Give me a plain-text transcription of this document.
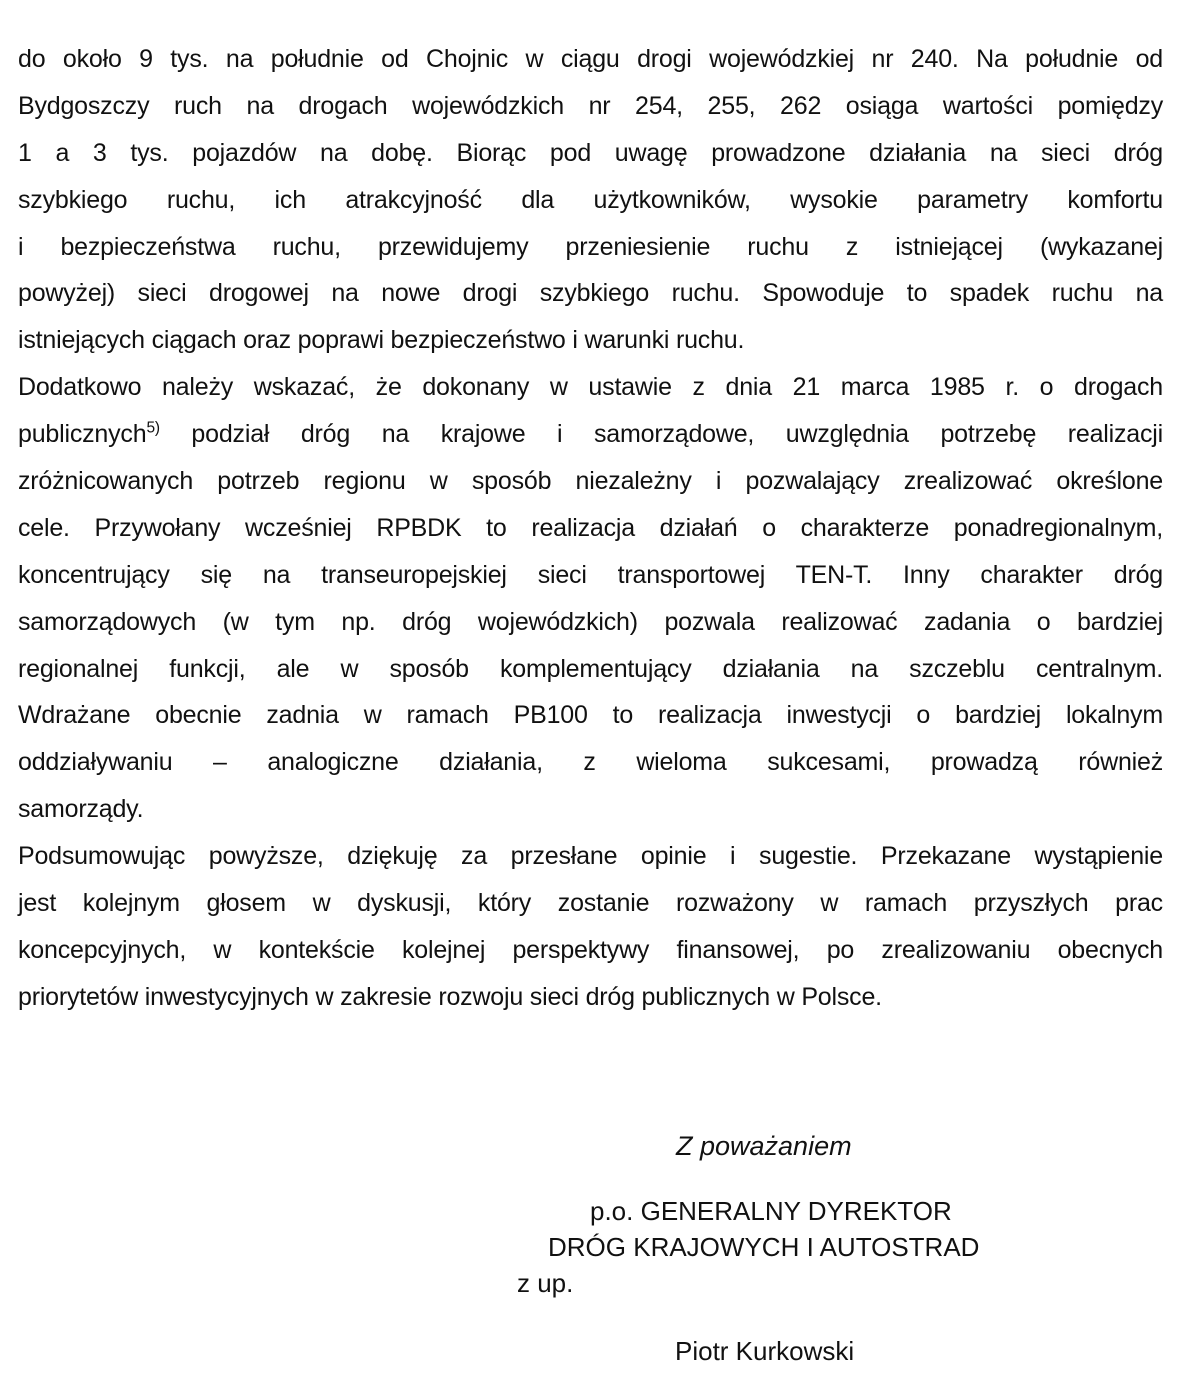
do około 9 tys. na południe od Chojnic w ciągu drogi wojewódzkiej nr 240. Na południe od
Bydgoszczy ruch na drogach wojewódzkich nr 254, 255, 262 osiąga wartości pomiędzy
1 a 3 tys. pojazdów na dobę. Biorąc pod uwagę prowadzone działania na sieci dróg
szybkiego ruchu, ich atrakcyjność dla użytkowników, wysokie parametry komfortu
i bezpieczeństwa ruchu, przewidujemy przeniesienie ruchu z istniejącej (wykazanej
powyżej) sieci drogowej na nowe drogi szybkiego ruchu. Spowoduje to spadek ruchu na
istniejących ciągach oraz poprawi bezpieczeństwo i warunki ruchu.
Dodatkowo należy wskazać, że dokonany w ustawie z dnia 21 marca 1985 r. o drogach
publicznych$^{5)}$ podział dróg na krajowe i samorządowe, uwzględnia potrzebę realizacji
zróżnicowanych potrzeb regionu w sposób niezależny i pozwalający zrealizować określone
cele. Przywołany wcześniej RPBDK to realizacja działań o charakterze ponadregionalnym,
koncentrujący się na transeuropejskiej sieci transportowej TEN-T. Inny charakter dróg
samorządowych (w tym np. dróg wojewódzkich) pozwala realizować zadania o bardziej
regionalnej funkcji, ale w sposób komplementujący działania na szczeblu centralnym.
Wdrażane obecnie zadnia w ramach PB100 to realizacja inwestycji o bardziej lokalnym
oddziaływaniu – analogiczne działania, z wieloma sukcesami, prowadzą również
samorządy.
Podsumowując powyższe, dziękuję za przesłane opinie i sugestie. Przekazane wystąpienie
jest kolejnym głosem w dyskusji, który zostanie rozważony w ramach przyszłych prac
koncepcyjnych, w kontekście kolejnej perspektywy finansowej, po zrealizowaniu obecnych
priorytetów inwestycyjnych w zakresie rozwoju sieci dróg publicznych w Polsce.
Z poważaniem
p.o. GENERALNY DYREKTOR
DRÓG KRAJOWYCH I AUTOSTRAD
z up.
Piotr Kurkowski
